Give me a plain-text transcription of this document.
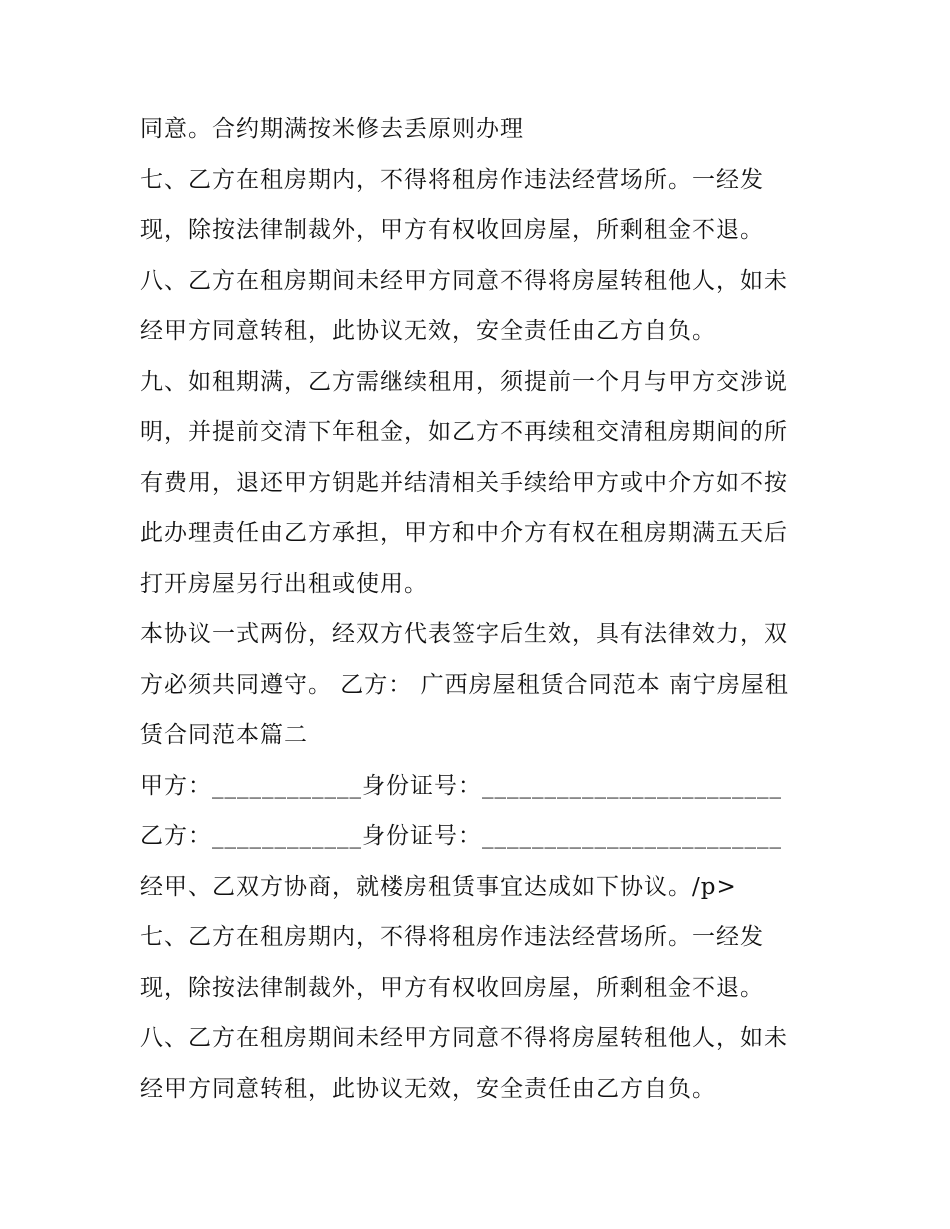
同意。合约期满按米修去丢原则办理
七、乙方在租房期内，不得将租房作违法经营场所。一经发
现，除按法律制裁外，甲方有权收回房屋，所剩租金不退。
八、乙方在租房期间未经甲方同意不得将房屋转租他人，如未
经甲方同意转租，此协议无效，安全责任由乙方自负。
九、如租期满，乙方需继续租用，须提前一个月与甲方交涉说
明，并提前交清下年租金，如乙方不再续租交清租房期间的所
有费用，退还甲方钥匙并结清相关手续给甲方或中介方如不按
此办理责任由乙方承担，甲方和中介方有权在租房期满五天后
打开房屋另行出租或使用。
本协议一式两份，经双方代表签字后生效，具有法律效力，双
方必须共同遵守。 乙方： 广西房屋租赁合同范本 南宁房屋租
赁合同范本篇二
甲方：____________身份证号：________________________
乙方：____________身份证号：________________________
经甲、乙双方协商，就楼房租赁事宜达成如下协议。/p>
七、乙方在租房期内，不得将租房作违法经营场所。一经发
现，除按法律制裁外，甲方有权收回房屋，所剩租金不退。
八、乙方在租房期间未经甲方同意不得将房屋转租他人，如未
经甲方同意转租，此协议无效，安全责任由乙方自负。
